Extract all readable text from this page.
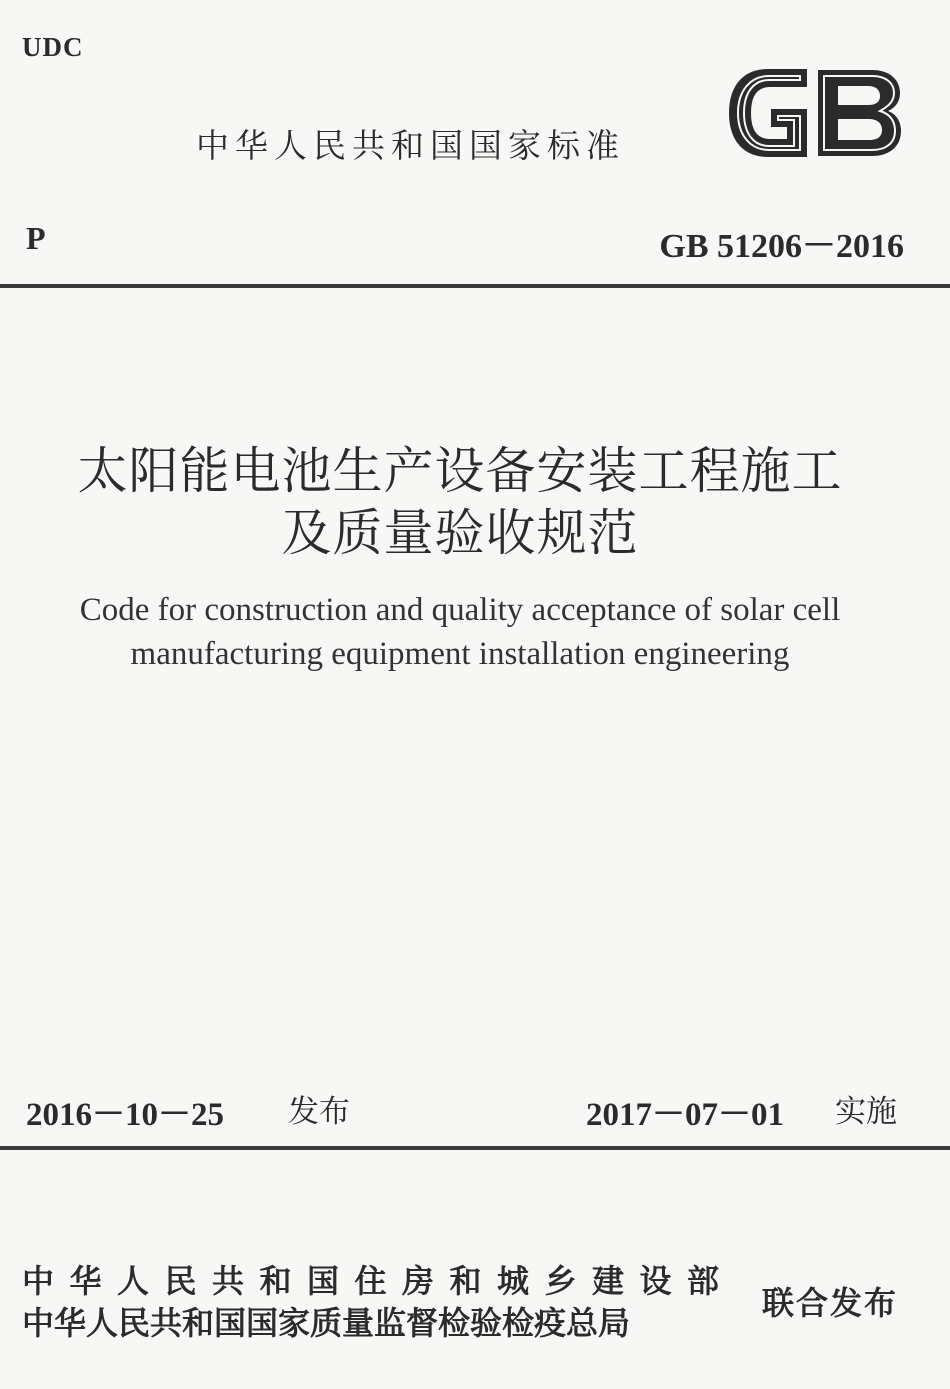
UDC
中华人民共和国国家标准
P	GB 51206－2016
太阳能电池生产设备安装工程施工
及质量验收规范
Code for construction and quality acceptance of solar cell
manufacturing equipment installation engineering
2016－10－25 发布	2017－07－01 实施
中华人民共和国住房和城乡建设部
中华人民共和国国家质量监督检验检疫总局
联合发布
